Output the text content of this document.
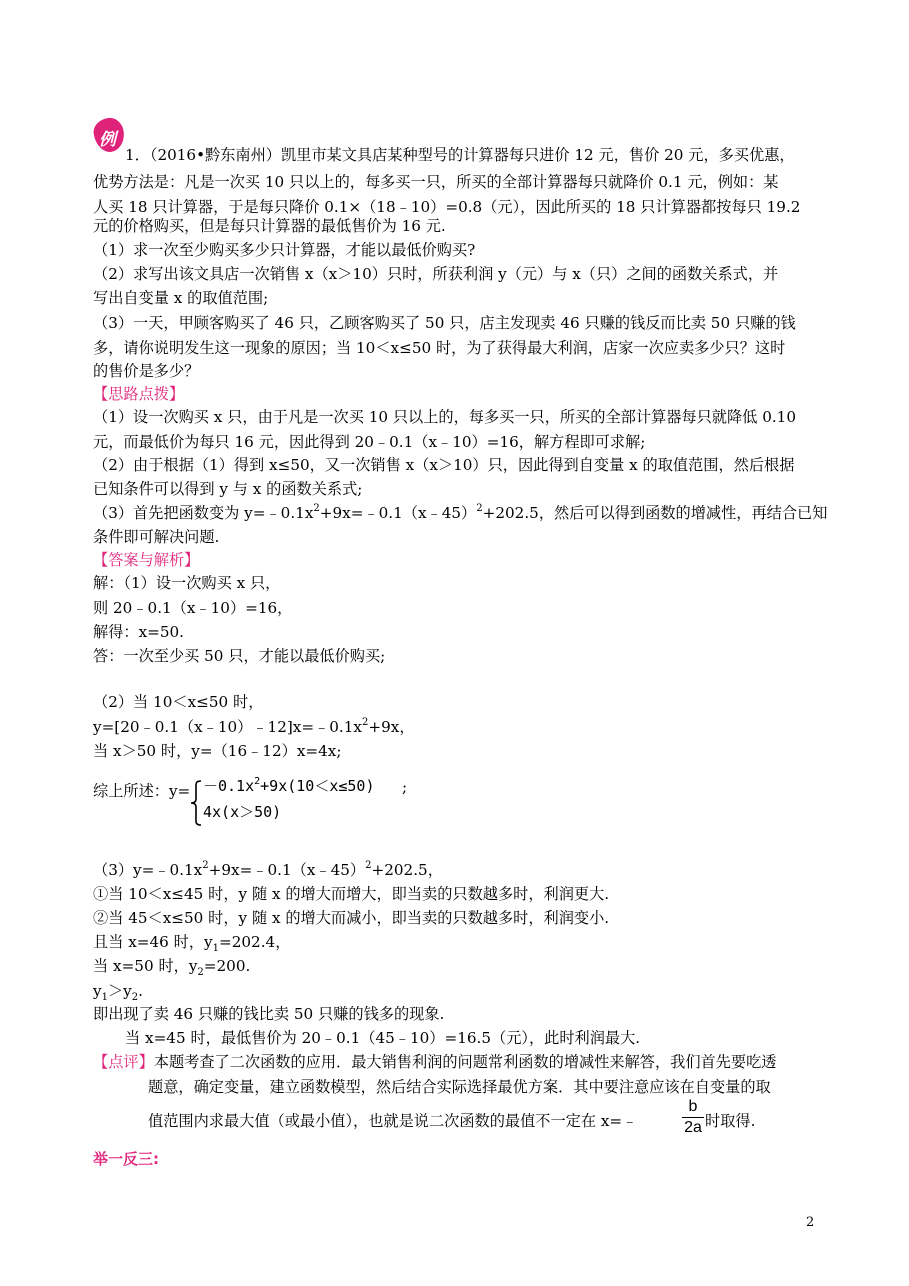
例
1．（2016•黔东南州）凯里市某文具店某种型号的计算器每只进价 12 元，售价 20 元，多买优惠，
优势方法是：凡是一次买 10 只以上的，每多买一只，所买的全部计算器每只就降价 0.1 元，例如：某
人买 18 只计算器，于是每只降价 0.1×（18﹣10）=0.8（元），因此所买的 18 只计算器都按每只 19.2
元的价格购买，但是每只计算器的最低售价为 16 元.
（1）求一次至少购买多少只计算器，才能以最低价购买?
（2）求写出该文具店一次销售 x（x＞10）只时，所获利润 y（元）与 x（只）之间的函数关系式，并
写出自变量 x 的取值范围;
（3）一天，甲顾客购买了 46 只，乙顾客购买了 50 只，店主发现卖 46 只赚的钱反而比卖 50 只赚的钱
多，请你说明发生这一现象的原因；当 10＜x≤50 时，为了获得最大利润，店家一次应卖多少只？这时
的售价是多少？
【思路点拨】
（1）设一次购买 x 只，由于凡是一次买 10 只以上的，每多买一只，所买的全部计算器每只就降低 0.10
元，而最低价为每只 16 元，因此得到 20﹣0.1（x﹣10）=16，解方程即可求解;
（2）由于根据（1）得到 x≤50，又一次销售 x（x＞10）只，因此得到自变量 x 的取值范围，然后根据
已知条件可以得到 y 与 x 的函数关系式;
（3）首先把函数变为 $y=﹣0.1x^2+9x=﹣0.1(x﹣45)^2+202.5$，然后可以得到函数的增减性，再结合已知
条件即可解决问题.
【答案与解析】
解：（1）设一次购买 x 只，
则 20﹣0.1（x﹣10）=16，
解得：x=50.
答：一次至少买 50 只，才能以最低价购买;
（2）当 10＜x≤50 时，
$y=[20﹣0.1(x﹣10)﹣12]x=﹣0.1x^2+9x$，
当 x＞50 时，y=（16﹣12）x=4x;
综上所述：$y= -0.1x^2+9x(10<x\le 50)$ ;
4x(x＞50)
$(3)y=﹣0.1x^2+9x=﹣0.1(x﹣45)^2+202.5$，
①当 10＜x≤45 时，y 随 x 的增大而增大，即当卖的只数越多时，利润更大.
②当 45＜x≤50 时，y 随 x 的增大而减小，即当卖的只数越多时，利润变小.
且当 x=46 时，$y_1=202.4$，
当 x=50 时，$y_2=200$.
$y_1>y_2$.
即出现了卖 46 只赚的钱比卖 50 只赚的钱多的现象.
当 x=45 时，最低售价为 20﹣0.1（45﹣10）=16.5（元），此时利润最大.
【点评】本题考查了二次函数的应用．最大销售利润的问题常利函数的增减性来解答，我们首先要吃透
题意，确定变量，建立函数模型，然后结合实际选择最优方案．其中要注意应该在自变量的取
值范围内求最大值（或最小值），也就是说二次函数的最值不一定在 x=﹣
b
2a 时取得.
举一反三:
2
